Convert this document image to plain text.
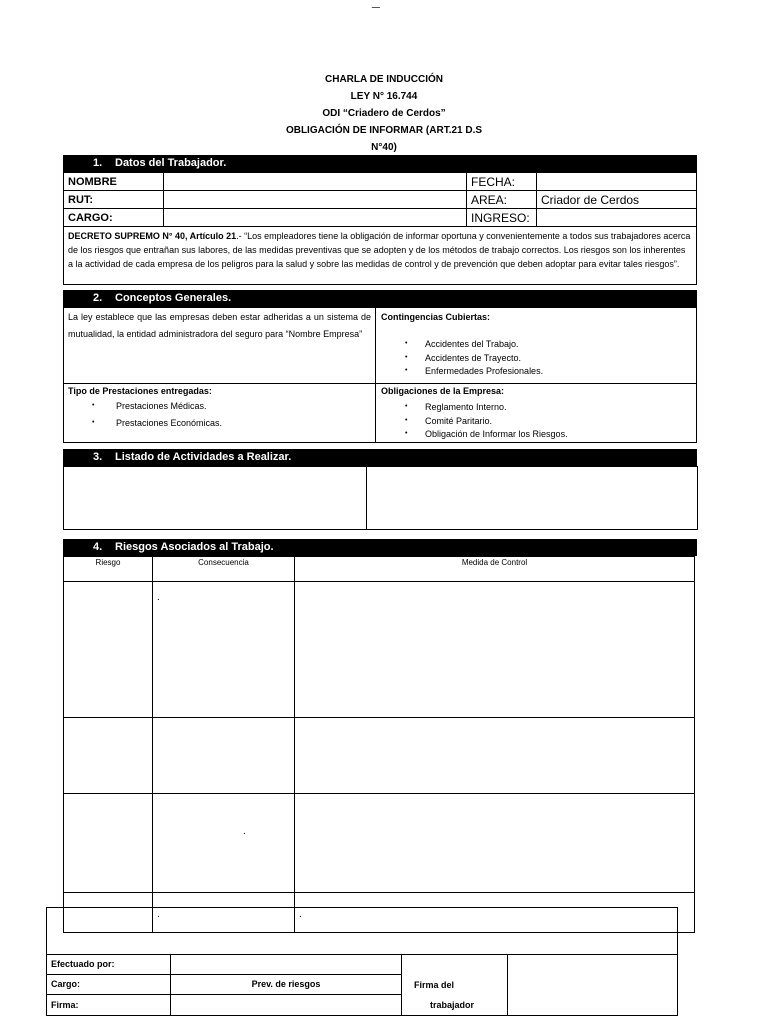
_
CHARLA DE INDUCCIÓN
LEY N° 16.744
ODI “Criadero de Cerdos”
OBLIGACIÓN DE INFORMAR (ART.21 D.S
N°40)
1. Datos del Trabajador.
NOMBRE		FECHA:	
RUT:		AREA:	Criador de Cerdos
CARGO:		INGRESO:	
DECRETO SUPREMO N° 40, Artículo 21.- “Los empleadores tiene la obligación de informar oportuna y convenientemente a todos sus trabajadores acerca de los riesgos que entrañan sus labores, de las medidas preventivas que se adopten y de los métodos de trabajo correctos. Los riesgos son los inherentes a la actividad de cada empresa de los peligros para la salud y sobre las medidas de control y de prevención que deben adoptar para evitar tales riesgos”.			
2. Conceptos Generales.
La ley establece que las empresas deben estar adheridas a un sistema de mutualidad, la entidad administradora del seguro para “Nombre Empresa”
Contingencias Cubiertas:
• Accidentes del Trabajo.
• Accidentes de Trayecto.
• Enfermedades Profesionales.
Tipo de Prestaciones entregadas:
• Prestaciones Médicas.
• Prestaciones Económicas.
Obligaciones de la Empresa:
• Reglamento Interno.
• Comité Paritario.
• Obligación de Informar los Riesgos.
3. Listado de Actividades a Realizar.
4. Riesgos Asociados al Trabajo.
Riesgo	Consecuencia	Medida de Control
	.	

	.	
	.	.
Efectuado por:		Firma del
trabajador	
Cargo:	Prev. de riesgos		
Firma:			
